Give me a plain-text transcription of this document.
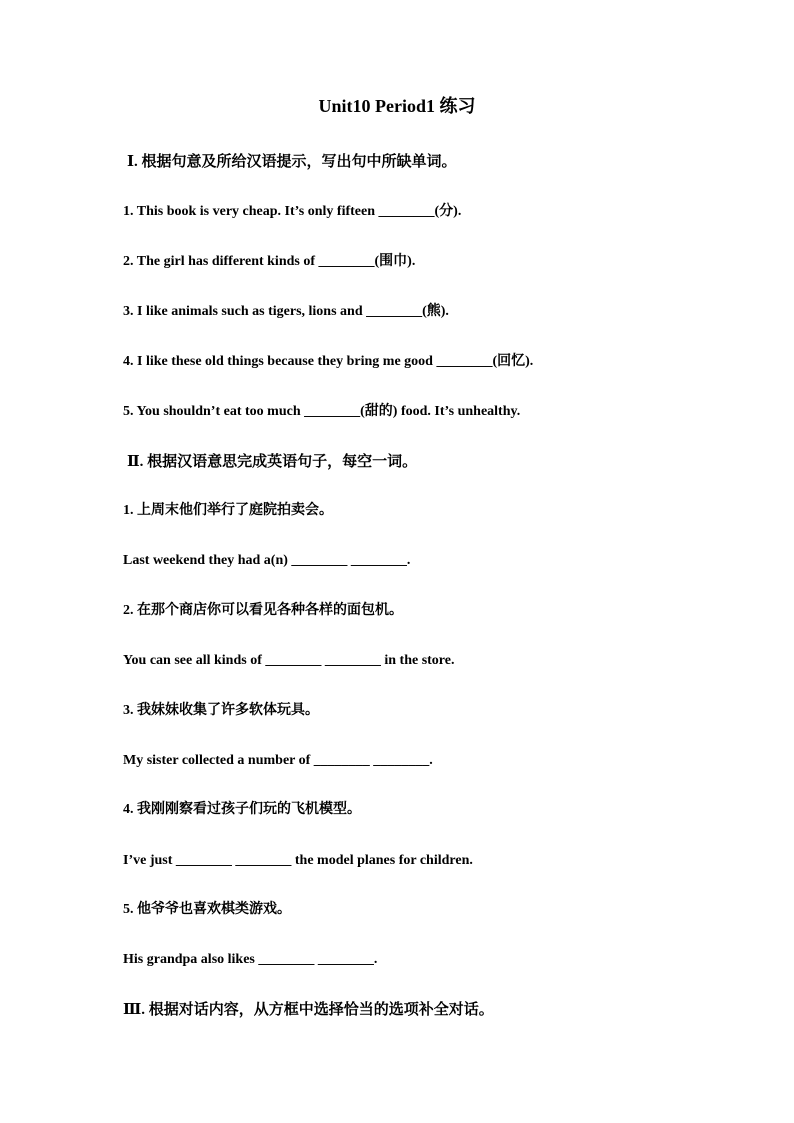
Unit10 Period1 练习
Ⅰ. 根据句意及所给汉语提示，写出句中所缺单词。
1. This book is very cheap. It’s only fifteen ________(分).
2. The girl has different kinds of ________(围巾).
3. I like animals such as tigers, lions and ________(熊).
4. I like these old things because they bring me good ________(回忆).
5. You shouldn’t eat too much ________(甜的) food. It’s unhealthy.
Ⅱ. 根据汉语意思完成英语句子，每空一词。
1. 上周末他们举行了庭院拍卖会。
Last weekend they had a(n) ________ ________.
2. 在那个商店你可以看见各种各样的面包机。
You can see all kinds of ________ ________ in the store.
3. 我妹妹收集了许多软体玩具。
My sister collected a number of ________ ________.
4. 我刚刚察看过孩子们玩的飞机模型。
I’ve just ________ ________ the model planes for children.
5. 他爷爷也喜欢棋类游戏。
His grandpa also likes ________ ________.
Ⅲ. 根据对话内容，从方框中选择恰当的选项补全对话。
